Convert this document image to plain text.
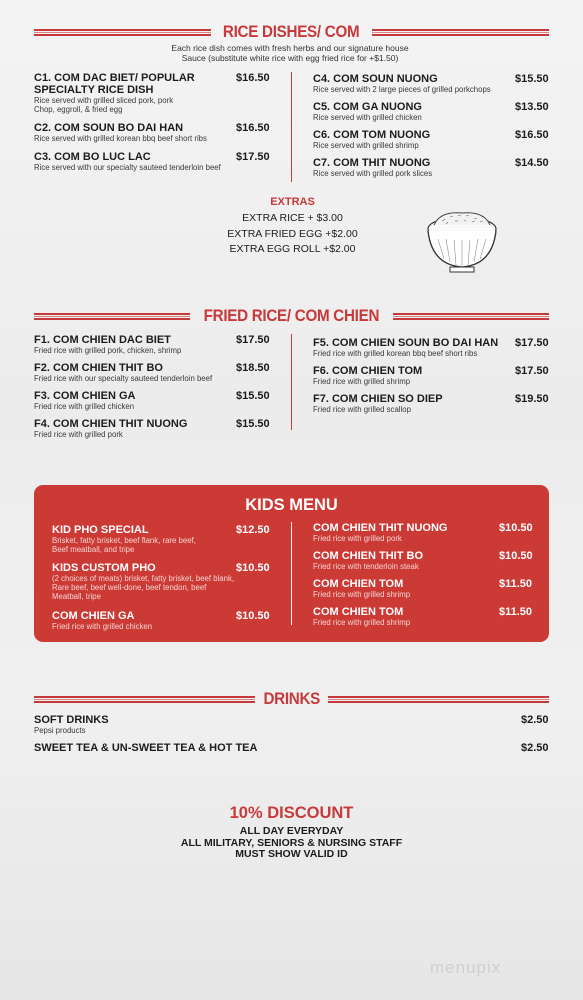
RICE DISHES/ COM
Each rice dish comes with fresh herbs and our signature house
Sauce (substitute white rice with egg fried rice for +$1.50)
C1. COM DAC BIET/ POPULAR
SPECIALTY RICE DISH
Rice served with grilled sliced pork, pork
Chop, eggroll, & fried egg
$16.50
C2. COM SOUN BO DAI HAN
Rice served with grilled korean bbq beef short ribs
$16.50
C3. COM BO LUC LAC
Rice served with our specialty sauteed tenderloin beef
$17.50
C4. COM SOUN NUONG
Rice served with 2 large pieces of grilled porkchops
$15.50
C5. COM GA NUONG
Rice served with grilled chicken
$13.50
C6. COM TOM NUONG
Rice served with grilled shrimp
$16.50
C7. COM THIT NUONG
Rice served with grilled pork slices
$14.50
EXTRAS
EXTRA RICE + $3.00
EXTRA FRIED EGG +$2.00
EXTRA EGG ROLL +$2.00
FRIED RICE/ COM CHIEN
F1. COM CHIEN DAC BIET
Fried rice with grilled pork, chicken, shrimp
$17.50
F2. COM CHIEN THIT BO
Fried rice with our specialty sauteed tenderloin beef
$18.50
F3. COM CHIEN GA
Fried rice with grilled chicken
$15.50
F4. COM CHIEN THIT NUONG
Fried rice with grilled pork
$15.50
F5. COM CHIEN SOUN BO DAI HAN
Fried rice with grilled korean bbq beef short ribs
$17.50
F6. COM CHIEN TOM
Fried rice with grilled shrimp
$17.50
F7. COM CHIEN SO DIEP
Fried rice with grilled scallop
$19.50
KIDS MENU
KID PHO SPECIAL
Brisket, fatty brisket, beef flank, rare beef,
Beef meatball, and tripe
$12.50
KIDS CUSTOM PHO
(2 choices of meats) brisket, fatty brisket, beef blank,
Rare beef, beef well-done, beef tendon, beef
Meatball, tripe
$10.50
COM CHIEN GA
Fried rice with grilled chicken
$10.50
COM CHIEN THIT NUONG
Fried rice with grilled pork
$10.50
COM CHIEN THIT BO
Fried rice with tenderloin steak
$10.50
COM CHIEN TOM
Fried rice with grilled shrimp
$11.50
COM CHIEN TOM
Fried rice with grilled shrimp
$11.50
DRINKS
SOFT DRINKS
Pepsi products
$2.50
SWEET TEA & UN-SWEET TEA & HOT TEA	$2.50
10% DISCOUNT
ALL DAY EVERYDAY
ALL MILITARY, SENIORS & NURSING STAFF
MUST SHOW VALID ID
menupix
